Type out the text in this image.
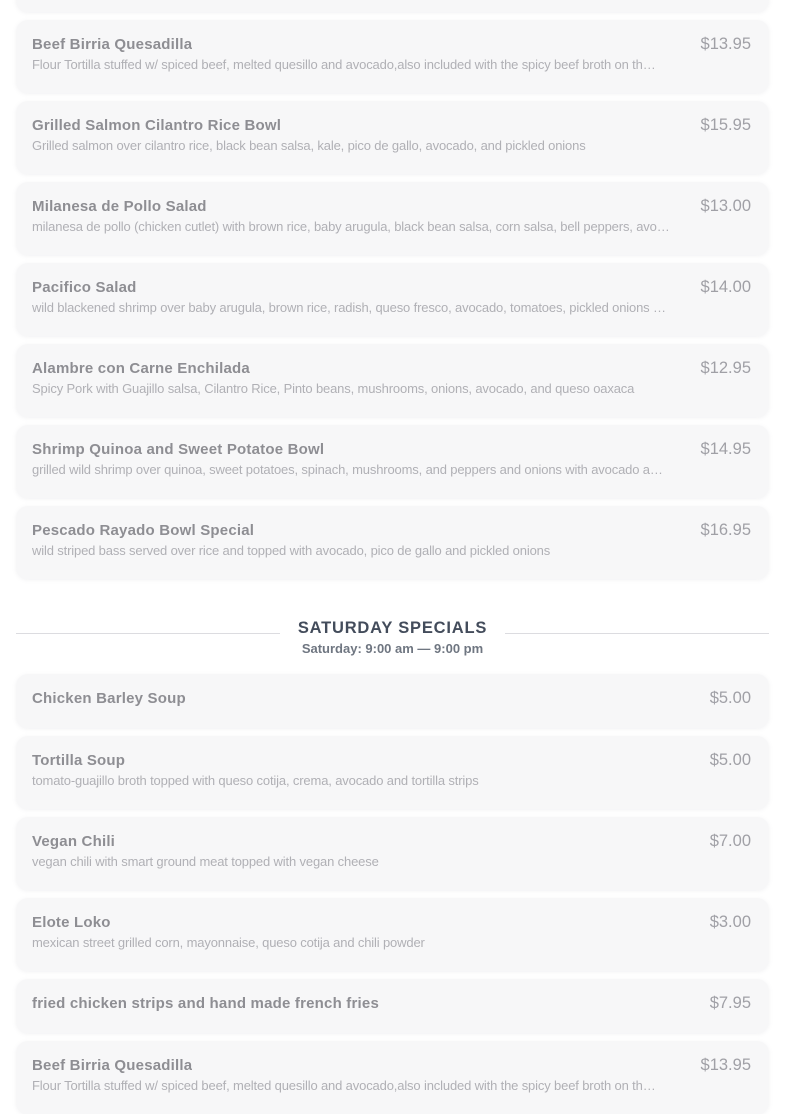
Beef Birria Quesadilla	$13.95
Flour Tortilla stuffed w/ spiced beef, melted quesillo and avocado,also included with the spicy beef broth on th…
Grilled Salmon Cilantro Rice Bowl	$15.95
Grilled salmon over cilantro rice, black bean salsa, kale, pico de gallo, avocado, and pickled onions
Milanesa de Pollo Salad	$13.00
milanesa de pollo (chicken cutlet) with brown rice, baby arugula, black bean salsa, corn salsa, bell peppers, avo…
Pacifico Salad	$14.00
wild blackened shrimp over baby arugula, brown rice, radish, queso fresco, avocado, tomatoes, pickled onions …
Alambre con Carne Enchilada	$12.95
Spicy Pork with Guajillo salsa, Cilantro Rice, Pinto beans, mushrooms, onions, avocado, and queso oaxaca
Shrimp Quinoa and Sweet Potatoe Bowl	$14.95
grilled wild shrimp over quinoa, sweet potatoes, spinach, mushrooms, and peppers and onions with avocado a…
Pescado Rayado Bowl Special	$16.95
wild striped bass served over rice and topped with avocado, pico de gallo and pickled onions
SATURDAY SPECIALS
Saturday: 9:00 am — 9:00 pm
Chicken Barley Soup	$5.00
Tortilla Soup	$5.00
tomato-guajillo broth topped with queso cotija, crema, avocado and tortilla strips
Vegan Chili	$7.00
vegan chili with smart ground meat topped with vegan cheese
Elote Loko	$3.00
mexican street grilled corn, mayonnaise, queso cotija and chili powder
fried chicken strips and hand made french fries	$7.95
Beef Birria Quesadilla	$13.95
Flour Tortilla stuffed w/ spiced beef, melted quesillo and avocado,also included with the spicy beef broth on th…
